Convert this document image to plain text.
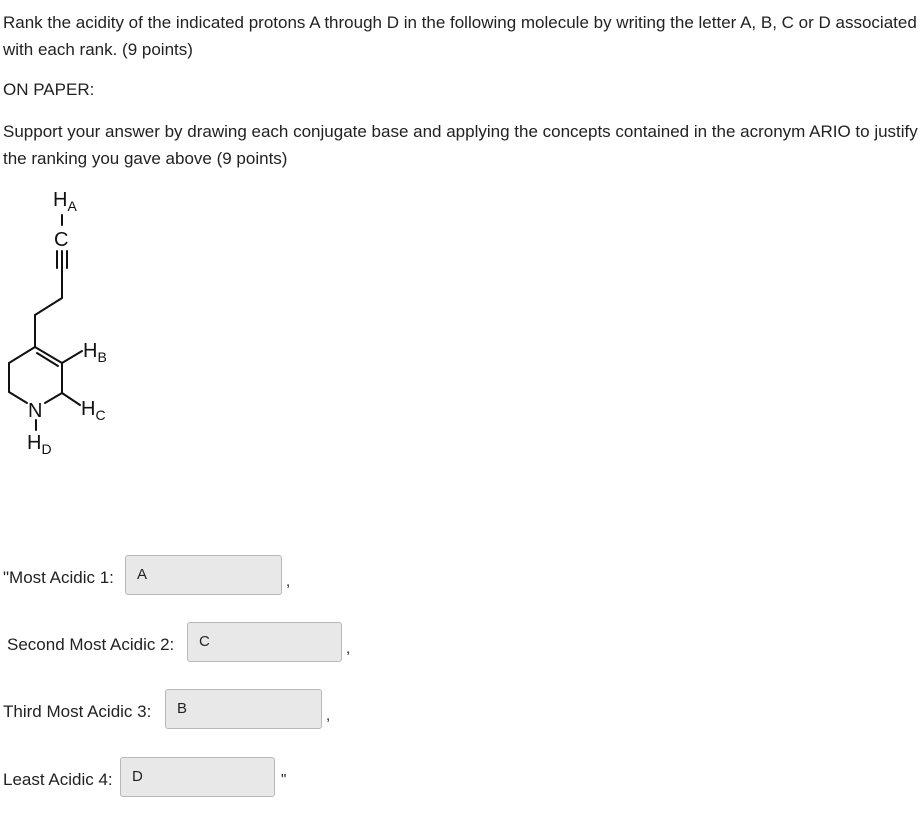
Rank the acidity of the indicated protons A through D in the following molecule by writing the letter A, B, C or D associated with each rank. (9 points)

ON PAPER:

Support your answer by drawing each conjugate base and applying the concepts contained in the acronym ARIO to justify the ranking you gave above (9 points)

$H_A$
C
$H_B$
$H_C$
N
$H_D$
"Most Acidic 1:	A	,
Second Most Acidic 2:	C	,
Third Most Acidic 3:	B	,
Least Acidic 4:	D	"
